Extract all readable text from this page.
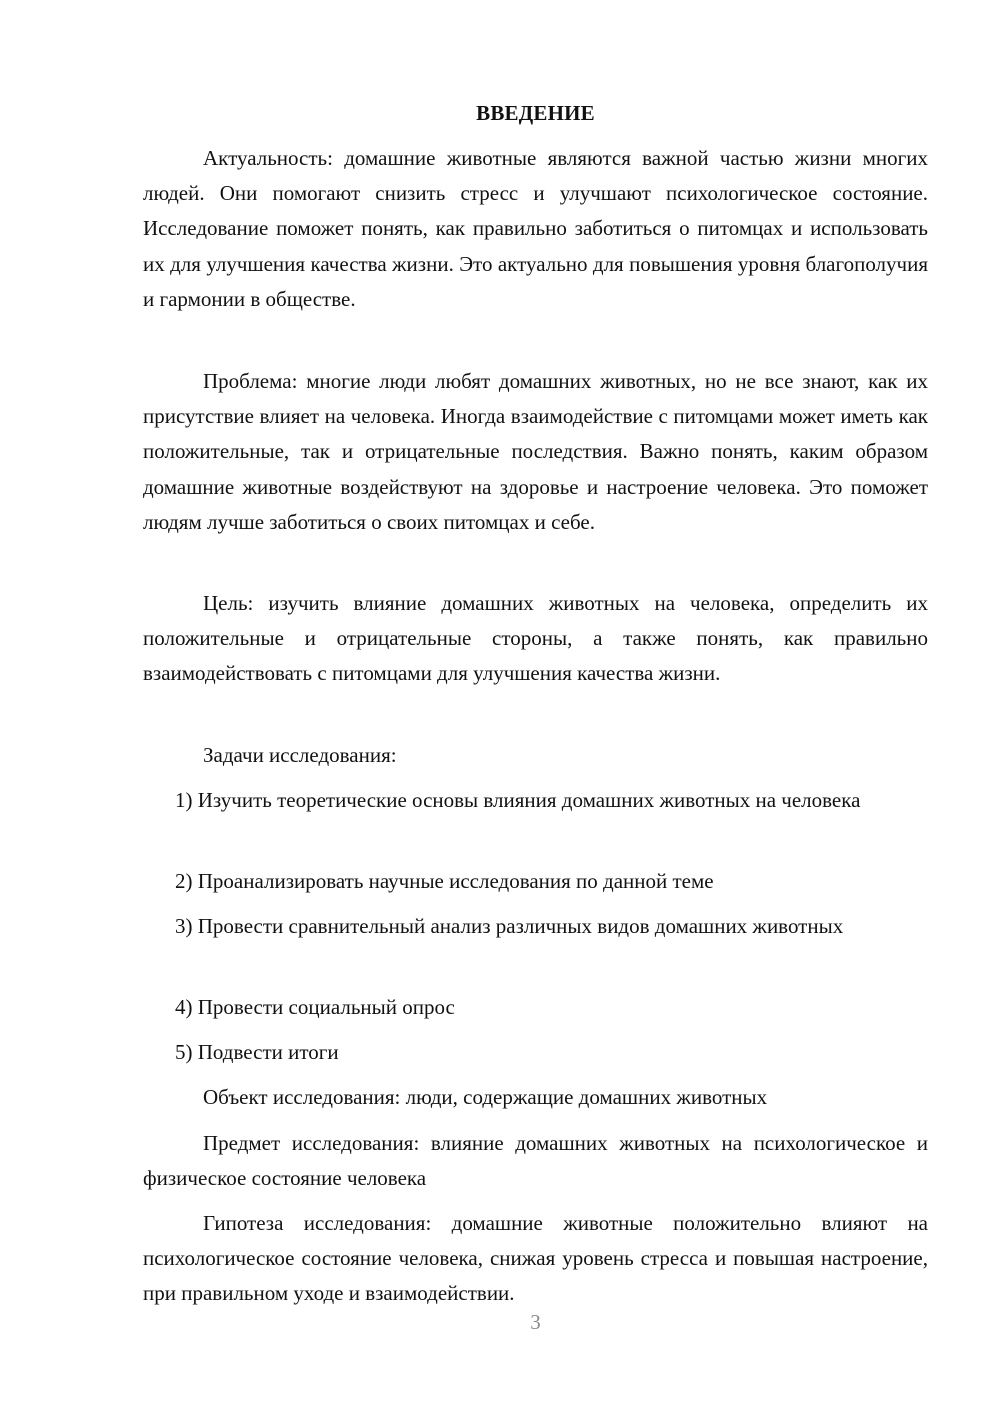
ВВЕДЕНИЕ

Актуальность: домашние животные являются важной частью жизни многих людей. Они помогают снизить стресс и улучшают психологическое состояние. Исследование поможет понять, как правильно заботиться о питомцах и использовать их для улучшения качества жизни. Это актуально для повышения уровня благополучия и гармонии в обществе.

Проблема: многие люди любят домашних животных, но не все знают, как их присутствие влияет на человека. Иногда взаимодействие с питомцами может иметь как положительные, так и отрицательные последствия. Важно понять, каким образом домашние животные воздействуют на здоровье и настроение человека. Это поможет людям лучше заботиться о своих питомцах и себе.

Цель: изучить влияние домашних животных на человека, определить их положительные и отрицательные стороны, а также понять, как правильно взаимодействовать с питомцами для улучшения качества жизни.

Задачи исследования:

1) Изучить теоретические основы влияния домашних животных на человека

2) Проанализировать научные исследования по данной теме

3) Провести сравнительный анализ различных видов домашних животных

4) Провести социальный опрос

5) Подвести итоги

Объект исследования: люди, содержащие домашних животных

Предмет исследования: влияние домашних животных на психологическое и физическое состояние человека

Гипотеза исследования: домашние животные положительно влияют на психологическое состояние человека, снижая уровень стресса и повышая настроение, при правильном уходе и взаимодействии.

3
